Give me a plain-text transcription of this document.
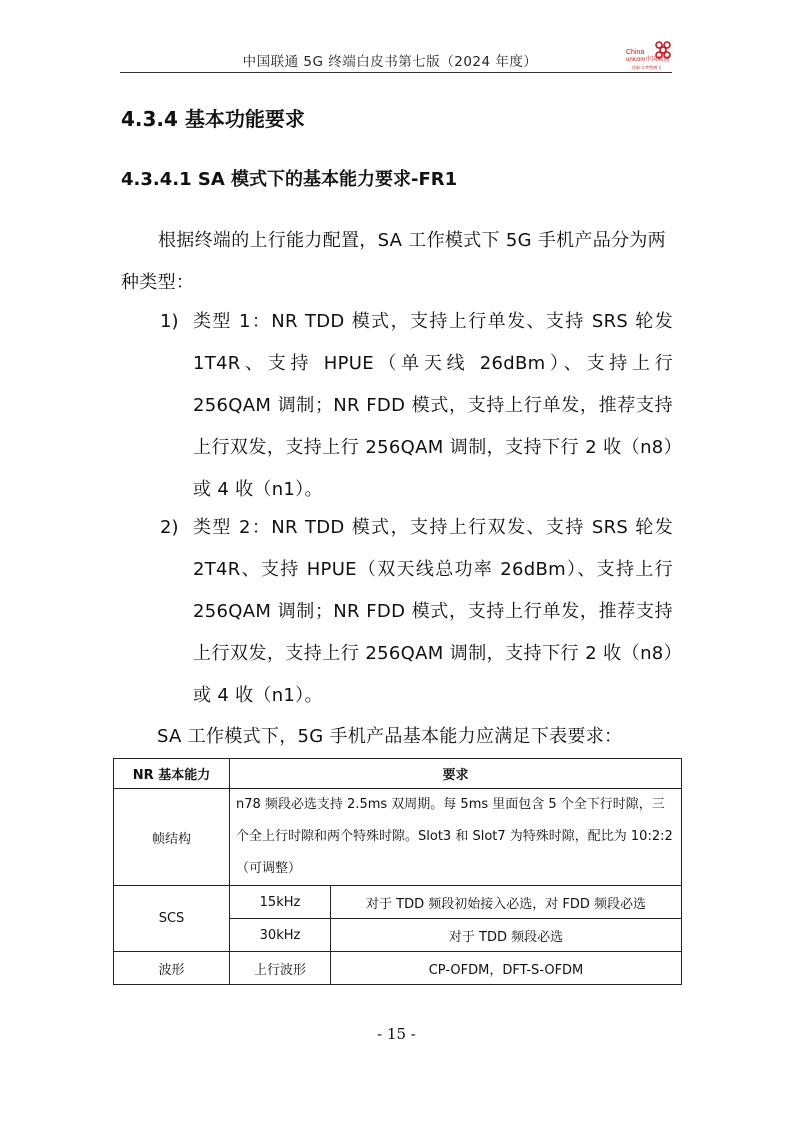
中国联通 5G 终端白皮书第七版（2024 年度）
China
unicom中国联通
创新·让梦想腾飞
4.3.4 基本功能要求
4.3.4.1 SA 模式下的基本能力要求-FR1

根据终端的上行能力配置，SA 工作模式下 5G 手机产品分为两种类型：

1) 类型 1：NR TDD 模式，支持上行单发、支持 SRS 轮发 1T4R、支持 HPUE（单天线 26dBm）、支持上行 256QAM 调制；NR FDD 模式，支持上行单发，推荐支持上行双发，支持上行 256QAM 调制，支持下行 2 收（n8）或 4 收（n1）。

2) 类型 2：NR TDD 模式，支持上行双发、支持 SRS 轮发 2T4R、支持 HPUE（双天线总功率 26dBm）、支持上行 256QAM 调制；NR FDD 模式，支持上行单发，推荐支持上行双发，支持上行 256QAM 调制，支持下行 2 收（n8）或 4 收（n1）。

SA 工作模式下，5G 手机产品基本能力应满足下表要求：

NR 基本能力	要求	
帧结构	n78 频段必选支持 2.5ms 双周期。每 5ms 里面包含 5 个全下行时隙，三个全上行时隙和两个特殊时隙。Slot3 和 Slot7 为特殊时隙，配比为 10:2:2（可调整）	
SCS	15kHz	对于 TDD 频段初始接入必选，对 FDD 频段必选
	30kHz	对于 TDD 频段必选
波形	上行波形	CP-OFDM，DFT-S-OFDM
- 15 -
